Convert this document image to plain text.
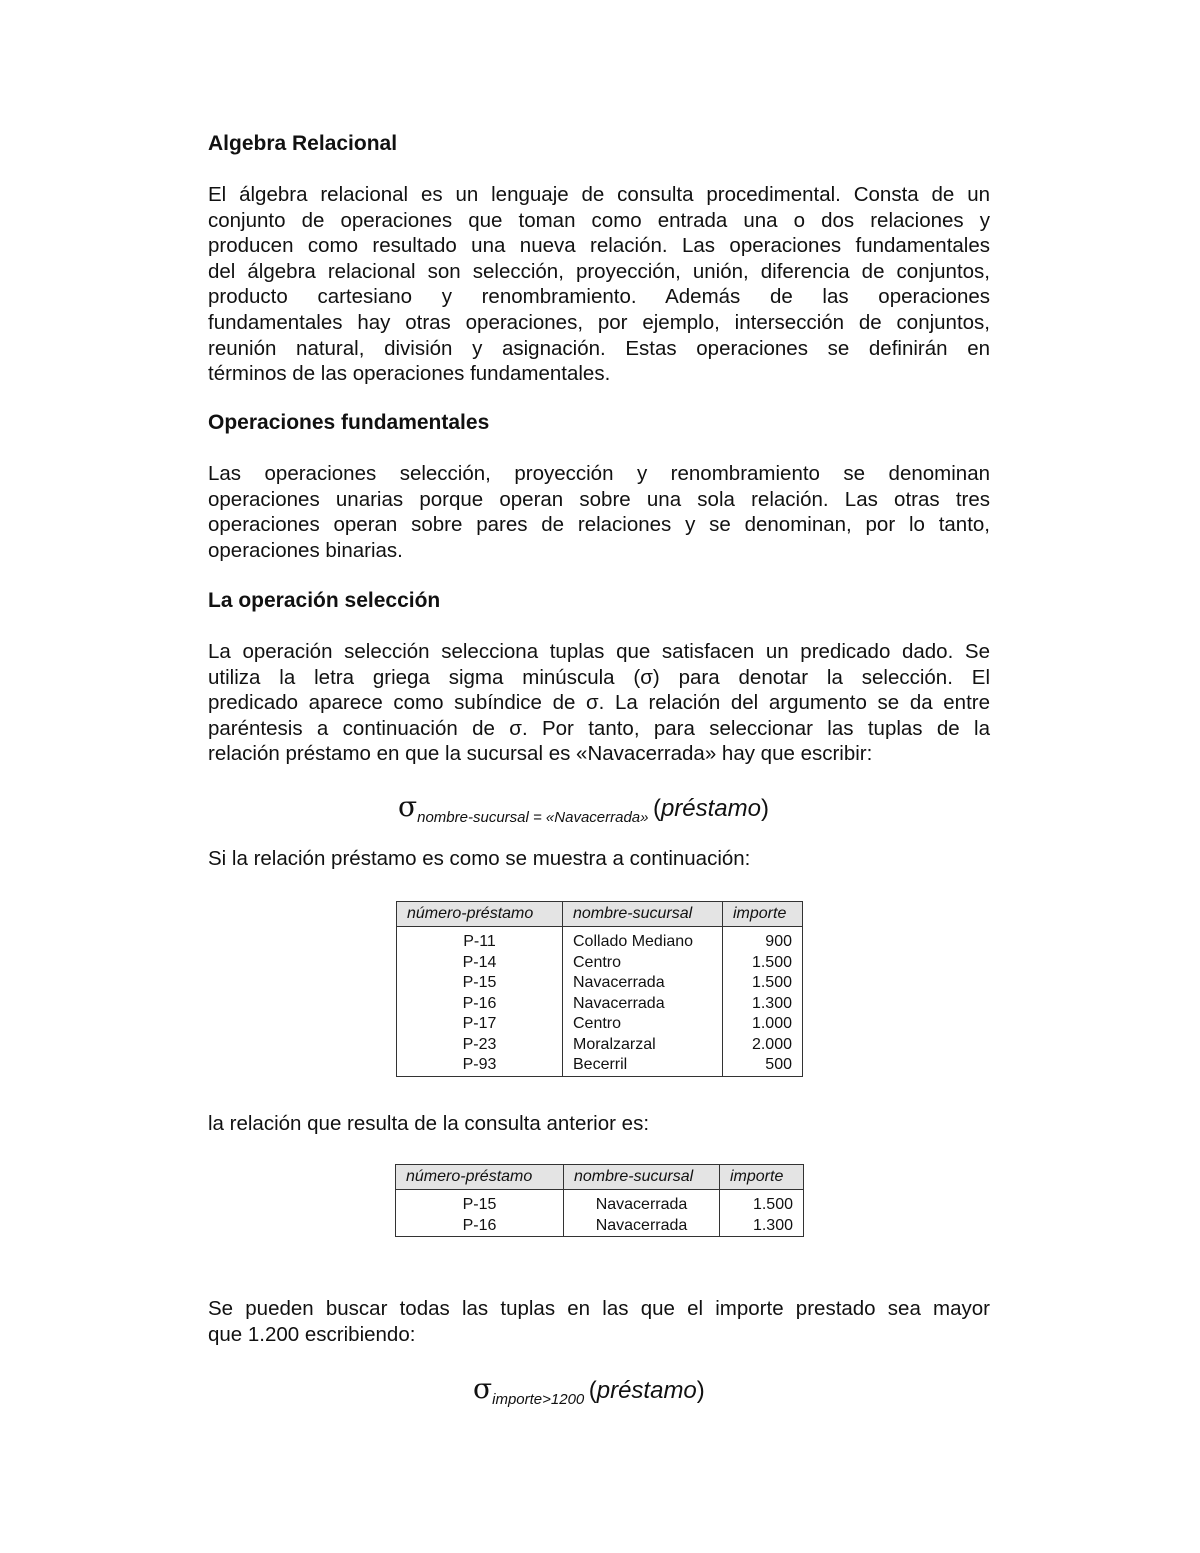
Algebra Relacional
El álgebra relacional es un lenguaje de consulta procedimental. Consta de un
conjunto de operaciones que toman como entrada una o dos relaciones y
producen como resultado una nueva relación. Las operaciones fundamentales
del álgebra relacional son selección, proyección, unión, diferencia de conjuntos,
producto cartesiano y renombramiento. Además de las operaciones
fundamentales hay otras operaciones, por ejemplo, intersección de conjuntos,
reunión natural, división y asignación. Estas operaciones se definirán en
términos de las operaciones fundamentales.
Operaciones fundamentales
Las operaciones selección, proyección y renombramiento se denominan
operaciones unarias porque operan sobre una sola relación. Las otras tres
operaciones operan sobre pares de relaciones y se denominan, por lo tanto,
operaciones binarias.
La operación selección
La operación selección selecciona tuplas que satisfacen un predicado dado. Se
utiliza la letra griega sigma minúscula (σ) para denotar la selección. El
predicado aparece como subíndice de σ. La relación del argumento se da entre
paréntesis a continuación de σ. Por tanto, para seleccionar las tuplas de la
relación préstamo en que la sucursal es «Navacerrada» hay que escribir:
σnombre-sucursal = «Navacerrada» (préstamo)

Si la relación préstamo es como se muestra a continuación:

número-préstamo	nombre-sucursal	importe

P-11	Collado Mediano	900
P-14	Centro	1.500
P-15	Navacerrada	1.500
P-16	Navacerrada	1.300
P-17	Centro	1.000
P-23	Moralzarzal	2.000
P-93	Becerril	500

la relación que resulta de la consulta anterior es:

número-préstamo	nombre-sucursal	importe

P-15	Navacerrada	1.500
P-16	Navacerrada	1.300
Se pueden buscar todas las tuplas en las que el importe prestado sea mayor
que 1.200 escribiendo:
σimporte>1200 (préstamo)
